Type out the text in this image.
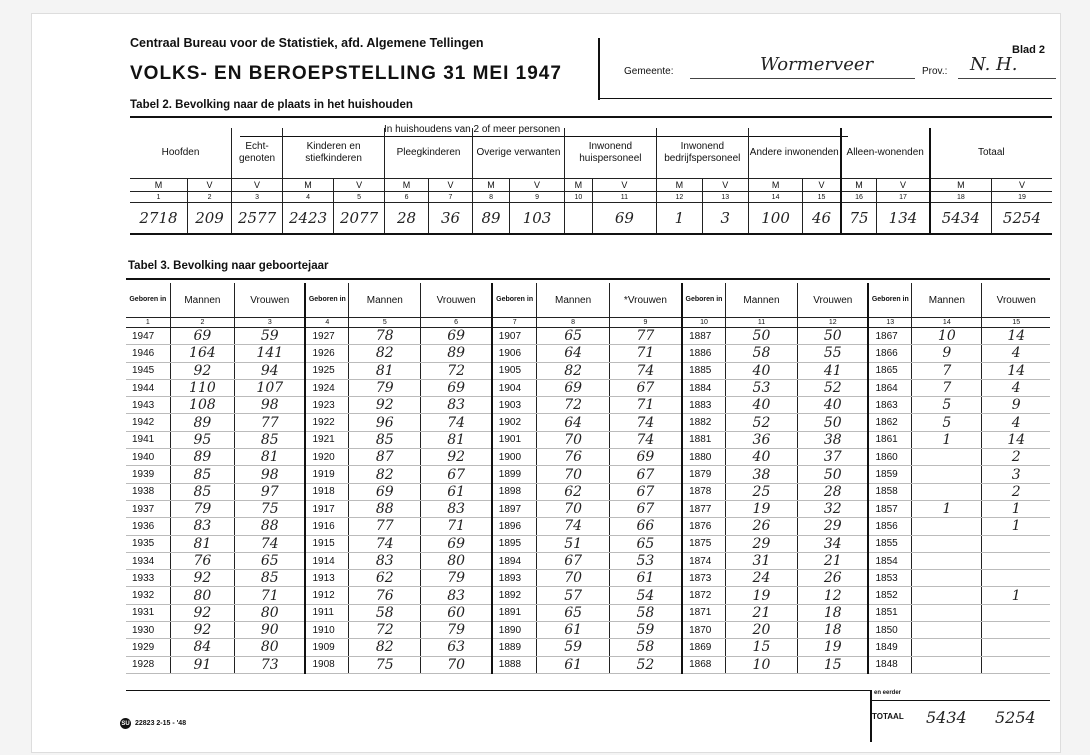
Centraal Bureau voor de Statistiek, afd. Algemene Tellingen
VOLKS- EN BEROEPSTELLING 31 MEI 1947
Blad 2
Gemeente:	Wormerveer	Prov.: N. H.
Tabel 2. Bevolking naar de plaats in het huishouden
In huishoudens van 2 of meer personen
Hoofden		Echt-genoten	Kinderen en stiefkinderen		Pleegkinderen		Overige verwanten		Inwonend huispersoneel		Inwonend bedrijfspersoneel		Andere inwonenden		Alleen-wonenden		Totaal	
M	V	V	M	V	M	V	M	V	M	V	M	V	M	V	M	V	M	V
1	2	3	4	5	6	7	8	9	10	11	12	13	14	15	16	17	18	19
2718	209	2577	2423	2077	28	36	89	103		69	1	3	100	46	75	134	5434	5254
Tabel 3. Bevolking naar geboortejaar
Geboren in	Mannen	Vrouwen	Geboren in	Mannen	Vrouwen	Geboren in	Mannen	*Vrouwen	Geboren in	Mannen	Vrouwen	Geboren in	Mannen	Vrouwen
1	2	3	4	5	6	7	8	9	10	11	12	13	14	15
1947	69	59	1927	78	69	1907	65	77	1887	50	50	1867	10	14
1946	164	141	1926	82	89	1906	64	71	1886	58	55	1866	9	4
1945	92	94	1925	81	72	1905	82	74	1885	40	41	1865	7	14
1944	110	107	1924	79	69	1904	69	67	1884	53	52	1864	7	4
1943	108	98	1923	92	83	1903	72	71	1883	40	40	1863	5	9
1942	89	77	1922	96	74	1902	64	74	1882	52	50	1862	5	4
1941	95	85	1921	85	81	1901	70	74	1881	36	38	1861	1	14
1940	89	81	1920	87	92	1900	76	69	1880	40	37	1860		2
1939	85	98	1919	82	67	1899	70	67	1879	38	50	1859		3
1938	85	97	1918	69	61	1898	62	67	1878	25	28	1858		2
1937	79	75	1917	88	83	1897	70	67	1877	19	32	1857	1	1
1936	83	88	1916	77	71	1896	74	66	1876	26	29	1856		1
1935	81	74	1915	74	69	1895	51	65	1875	29	34	1855		
1934	76	65	1914	83	80	1894	67	53	1874	31	21	1854		
1933	92	85	1913	62	79	1893	70	61	1873	24	26	1853		
1932	80	71	1912	76	83	1892	57	54	1872	19	12	1852		1
1931	92	80	1911	58	60	1891	65	58	1871	21	18	1851		
1930	92	90	1910	72	79	1890	61	59	1870	20	18	1850		
1929	84	80	1909	82	63	1889	59	58	1869	15	19	1849		
1928	91	73	1908	75	70	1888	61	52	1868	10	15	1848		
en eerder
TOTAAL 5434 5254
SU 22823 2-15 - '48
